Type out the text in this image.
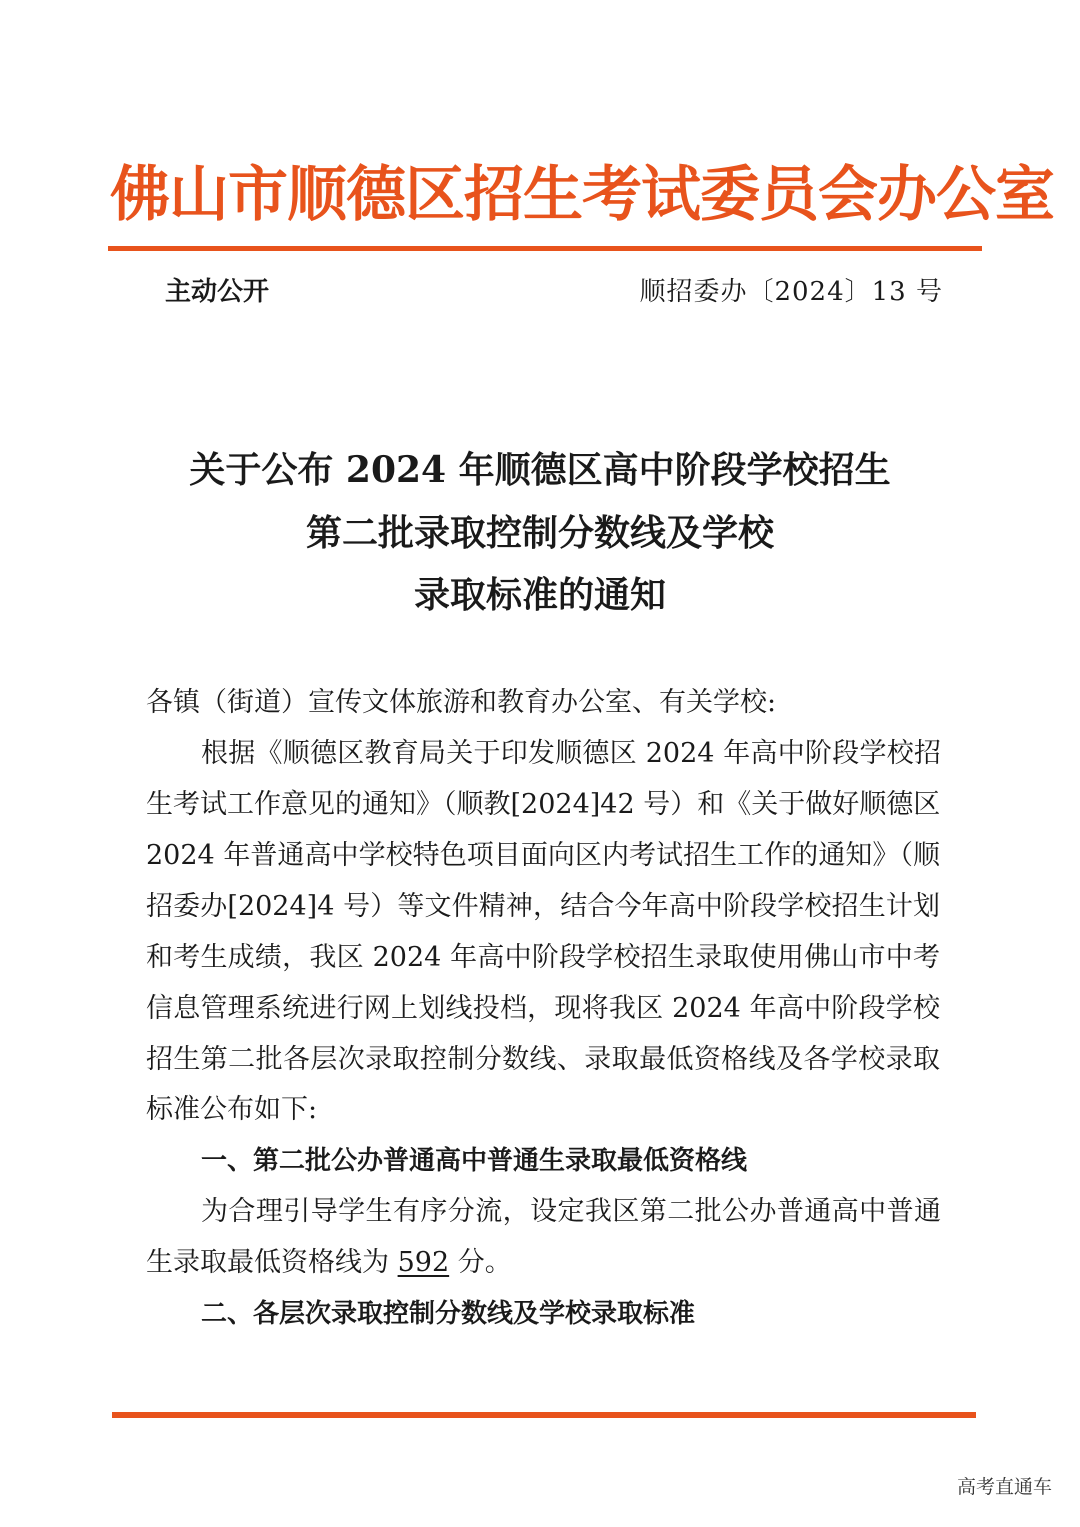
佛山市顺德区招生考试委员会办公室
主动公开	顺招委办〔2024〕13 号
关于公布 2024 年顺德区高中阶段学校招生
第二批录取控制分数线及学校
录取标准的通知
各镇（街道）宣传文体旅游和教育办公室、有关学校:
根据《顺德区教育局关于印发顺德区 2024 年高中阶段学校招
生考试工作意见的通知》（顺教[2024]42 号）和《关于做好顺德区
2024 年普通高中学校特色项目面向区内考试招生工作的通知》（顺
招委办[2024]4 号）等文件精神，结合今年高中阶段学校招生计划
和考生成绩，我区 2024 年高中阶段学校招生录取使用佛山市中考
信息管理系统进行网上划线投档，现将我区 2024 年高中阶段学校
招生第二批各层次录取控制分数线、录取最低资格线及各学校录取
标准公布如下:
一、第二批公办普通高中普通生录取最低资格线
为合理引导学生有序分流，设定我区第二批公办普通高中普通
生录取最低资格线为 592 分。
二、各层次录取控制分数线及学校录取标准
高考直通车
